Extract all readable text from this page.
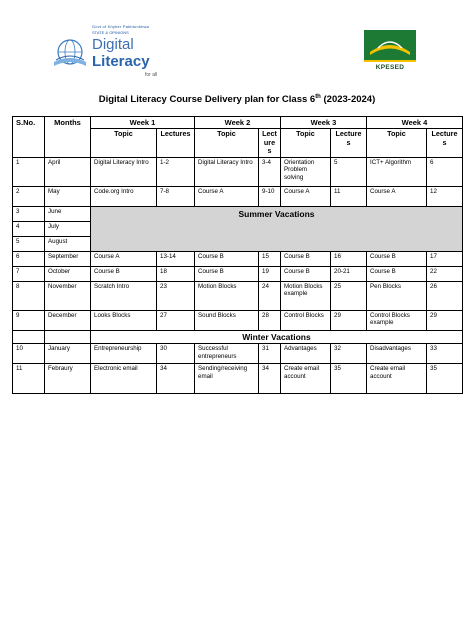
Govt of Khyber Pakhtunkhwa
STATE & OPINIONS
Digital
Literacy
for all
KPESED
Digital Literacy Course Delivery plan for Class 6th (2023-2024)
S.No.	Months	Week 1		Week 2		Week 3		Week 4	
		Topic	Lectures	Topic	Lectures	Topic	Lectures	Topic	Lectures
1	April	Digital Literacy Intro	1-2	Digital Literacy Intro	3-4	Orientation Problem solving	5	ICT+ Algorithm	6
2	May	Code.org Intro	7-8	Course A	9-10	Course A	11	Course A	12
3	June	Summer Vacations							
4	July								
5	August								
6	September	Course A	13-14	Course B	15	Course B	16	Course B	17
7	October	Course B	18	Course B	19	Course B	20-21	Course B	22
8	November	Scratch Intro	23	Motion Blocks	24	Motion Blocks example	25	Pen Blocks	26
9	December	Looks Blocks	27	Sound Blocks	28	Control Blocks	29	Control Blocks example	29
		Winter Vacations							
10	January	Entrepreneurship	30	Successful entrepreneurs	31	Advantages	32	Disadvantages	33
11	Febraury	Electronic email	34	Sending/receiving email	34	Create email account	35	Create email account	35
